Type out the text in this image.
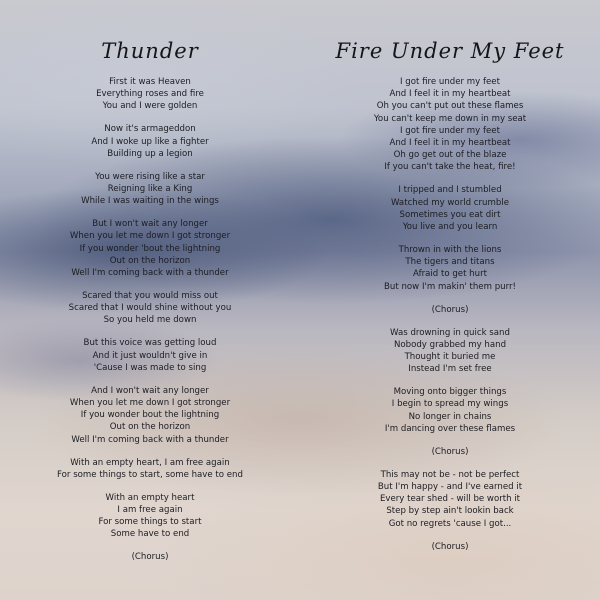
Thunder
First it was Heaven
Everything roses and fire
You and I were golden
Now it's armageddon
And I woke up like a fighter
Building up a legion
You were rising like a star
Reigning like a King
While I was waiting in the wings
But I won't wait any longer
When you let me down I got stronger
If you wonder 'bout the lightning
Out on the horizon
Well I'm coming back with a thunder
Scared that you would miss out
Scared that I would shine without you
So you held me down
But this voice was getting loud
And it just wouldn't give in
'Cause I was made to sing
And I won't wait any longer
When you let me down I got stronger
If you wonder bout the lightning
Out on the horizon
Well I'm coming back with a thunder
With an empty heart, I am free again
For some things to start, some have to end
With an empty heart
I am free again
For some things to start
Some have to end
(Chorus)
Fire Under My Feet
I got fire under my feet
And I feel it in my heartbeat
Oh you can't put out these flames
You can't keep me down in my seat
I got fire under my feet
And I feel it in my heartbeat
Oh go get out of the blaze
If you can't take the heat, fire!
I tripped and I stumbled
Watched my world crumble
Sometimes you eat dirt
You live and you learn
Thrown in with the lions
The tigers and titans
Afraid to get hurt
But now I'm makin' them purr!
(Chorus)
Was drowning in quick sand
Nobody grabbed my hand
Thought it buried me
Instead I'm set free
Moving onto bigger things
I begin to spread my wings
No longer in chains
I'm dancing over these flames
(Chorus)
This may not be - not be perfect
But I'm happy - and I've earned it
Every tear shed - will be worth it
Step by step ain't lookin back
Got no regrets 'cause I got...
(Chorus)
